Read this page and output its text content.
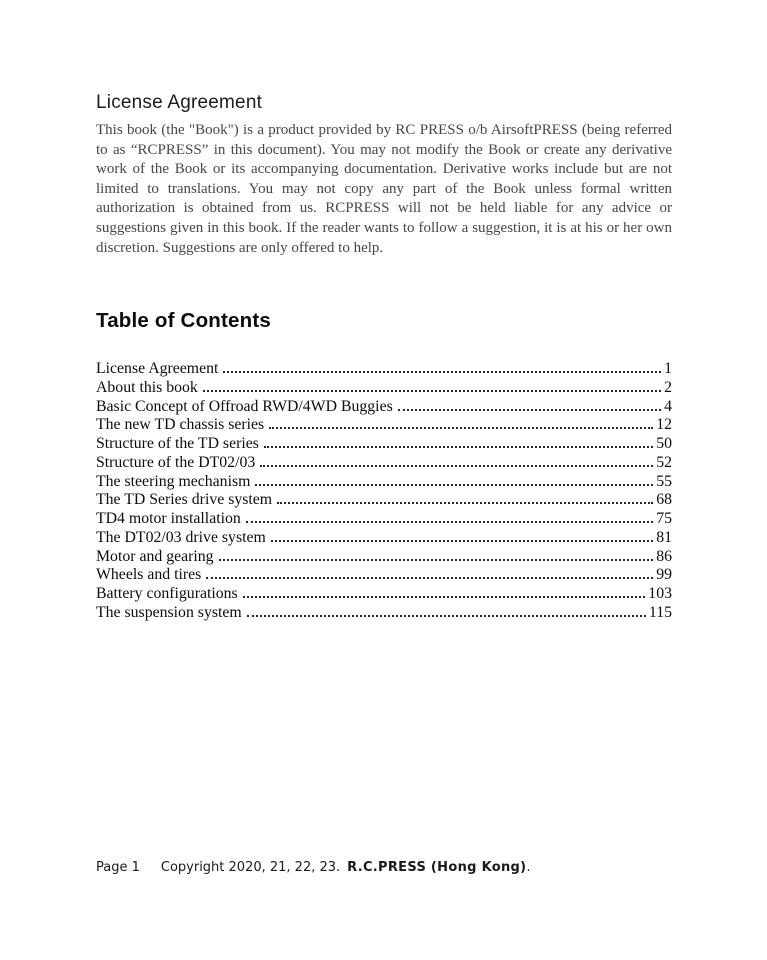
License Agreement

This book (the "Book") is a product provided by RC PRESS o/b AirsoftPRESS (being referred to as “RCPRESS” in this document). You may not modify the Book or create any derivative work of the Book or its accompanying documentation. Derivative works include but are not limited to translations. You may not copy any part of the Book unless formal written authorization is obtained from us. RCPRESS will not be held liable for any advice or suggestions given in this book. If the reader wants to follow a suggestion, it is at his or her own discretion. Suggestions are only offered to help.

Table of Contents
License Agreement	1
About this book	2
Basic Concept of Offroad RWD/4WD Buggies	4
The new TD chassis series	12
Structure of the TD series	50
Structure of the DT02/03	52
The steering mechanism	55
The TD Series drive system	68
TD4 motor installation	75
The DT02/03 drive system	81
Motor and gearing	86
Wheels and tires	99
Battery configurations	103
The suspension system	115
Page 1 Copyright 2020, 21, 22, 23. R.C.PRESS (Hong Kong).
